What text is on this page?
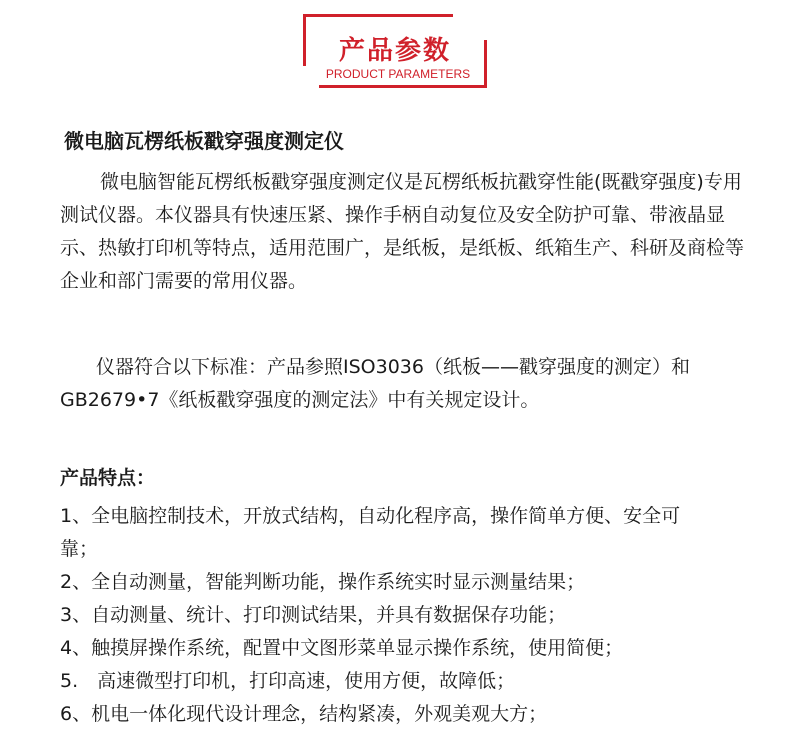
产品参数
PRODUCT PARAMETERS
微电脑瓦楞纸板戳穿强度测定仪

微电脑智能瓦楞纸板戳穿强度测定仪是瓦楞纸板抗戳穿性能(既戳穿强度)专用测试仪器。本仪器具有快速压紧、操作手柄自动复位及安全防护可靠、带液晶显示、热敏打印机等特点，适用范围广，是纸板，是纸板、纸箱生产、科研及商检等企业和部门需要的常用仪器。

仪器符合以下标准：产品参照ISO3036（纸板——戳穿强度的测定）和GB2679•7《纸板戳穿强度的测定法》中有关规定设计。

产品特点：
1、全电脑控制技术，开放式结构，自动化程序高，操作简单方便、安全可靠；
2、全自动测量，智能判断功能，操作系统实时显示测量结果；
3、自动测量、统计、打印测试结果，并具有数据保存功能；
4、触摸屏操作系统，配置中文图形菜单显示操作系统，使用简便；
5.　高速微型打印机，打印高速，使用方便，故障低；
6、机电一体化现代设计理念，结构紧凑，外观美观大方；
